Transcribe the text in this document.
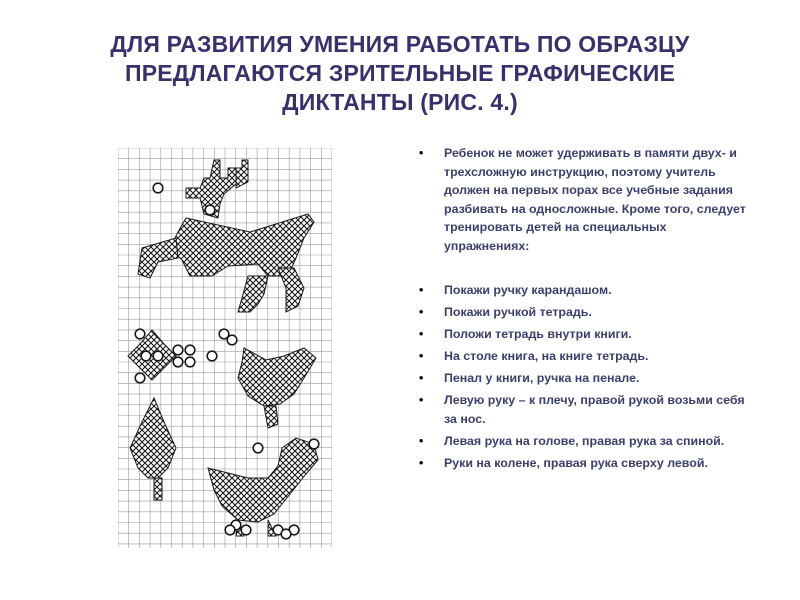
ДЛЯ РАЗВИТИЯ УМЕНИЯ РАБОТАТЬ ПО ОБРАЗЦУ
ПРЕДЛАГАЮТСЯ ЗРИТЕЛЬНЫЕ ГРАФИЧЕСКИЕ
ДИКТАНТЫ (РИС. 4.)
• Ребенок не может удерживать в памяти двух- и трехсложную инструкцию, поэтому учитель должен на первых порах все учебные задания разбивать на односложные. Кроме того, следует тренировать детей на специальных упражнениях:
• Покажи ручку карандашом.
• Покажи ручкой тетрадь.
• Положи тетрадь внутри книги.
• На столе книга, на книге тетрадь.
• Пенал у книги, ручка на пенале.
• Левую руку – к плечу, правой рукой возьми себя за нос.
• Левая рука на голове, правая рука за спиной.
• Руки на колене, правая рука сверху левой.
